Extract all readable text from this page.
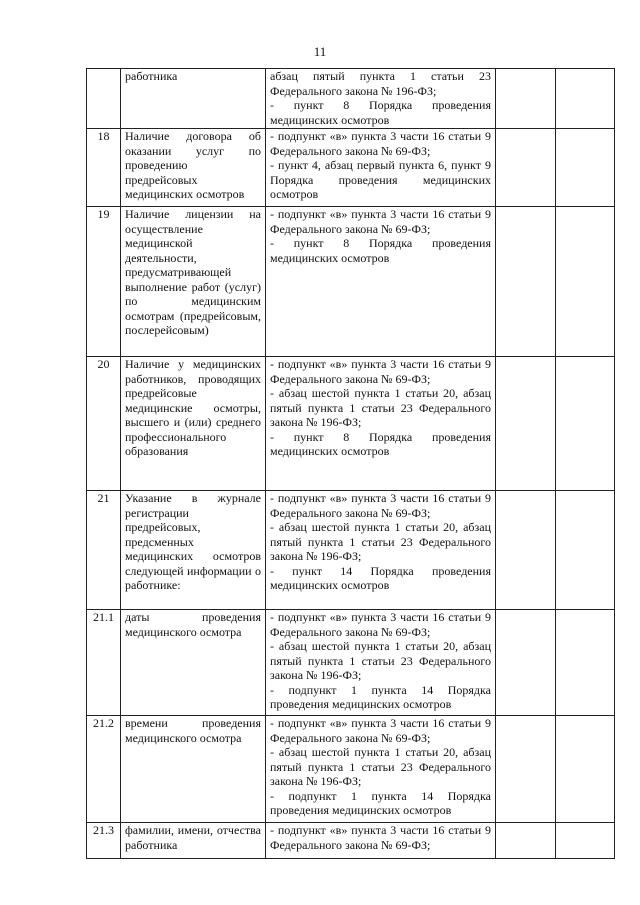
11

	работника	абзац пятый пункта 1 статьи 23 Федерального закона № 196-ФЗ;
- пункт 8 Порядка проведения медицинских осмотров		

18	Наличие договора об оказании услуг по проведению предрейсовых медицинских осмотров	- подпункт «в» пункта 3 части 16 статьи 9 Федерального закона № 69-ФЗ;
- пункт 4, абзац первый пункта 6, пункт 9 Порядка проведения медицинских осмотров		

19	Наличие лицензии на осуществление медицинской деятельности, предусматривающей выполнение работ (услуг) по медицинским осмотрам (предрейсовым, послерейсовым)	- подпункт «в» пункта 3 части 16 статьи 9 Федерального закона № 69-ФЗ;
- пункт 8 Порядка проведения медицинских осмотров		

20	Наличие у медицинских работников, проводящих предрейсовые медицинские осмотры, высшего и (или) среднего профессионального образования	- подпункт «в» пункта 3 части 16 статьи 9 Федерального закона № 69-ФЗ;
- абзац шестой пункта 1 статьи 20, абзац пятый пункта 1 статьи 23 Федерального закона № 196-ФЗ;
- пункт 8 Порядка проведения медицинских осмотров		

21	Указание в журнале регистрации предрейсовых, предсменных медицинских осмотров следующей информации о работнике:	- подпункт «в» пункта 3 части 16 статьи 9 Федерального закона № 69-ФЗ;
- абзац шестой пункта 1 статьи 20, абзац пятый пункта 1 статьи 23 Федерального закона № 196-ФЗ;
- пункт 14 Порядка проведения медицинских осмотров		

21.1	даты проведения медицинского осмотра	- подпункт «в» пункта 3 части 16 статьи 9 Федерального закона № 69-ФЗ;
- абзац шестой пункта 1 статьи 20, абзац пятый пункта 1 статьи 23 Федерального закона № 196-ФЗ;
- подпункт 1 пункта 14 Порядка проведения медицинских осмотров		

21.2	времени проведения медицинского осмотра	- подпункт «в» пункта 3 части 16 статьи 9 Федерального закона № 69-ФЗ;
- абзац шестой пункта 1 статьи 20, абзац пятый пункта 1 статьи 23 Федерального закона № 196-ФЗ;
- подпункт 1 пункта 14 Порядка проведения медицинских осмотров		

21.3	фамилии, имени, отчества работника	- подпункт «в» пункта 3 части 16 статьи 9 Федерального закона № 69-ФЗ;		
